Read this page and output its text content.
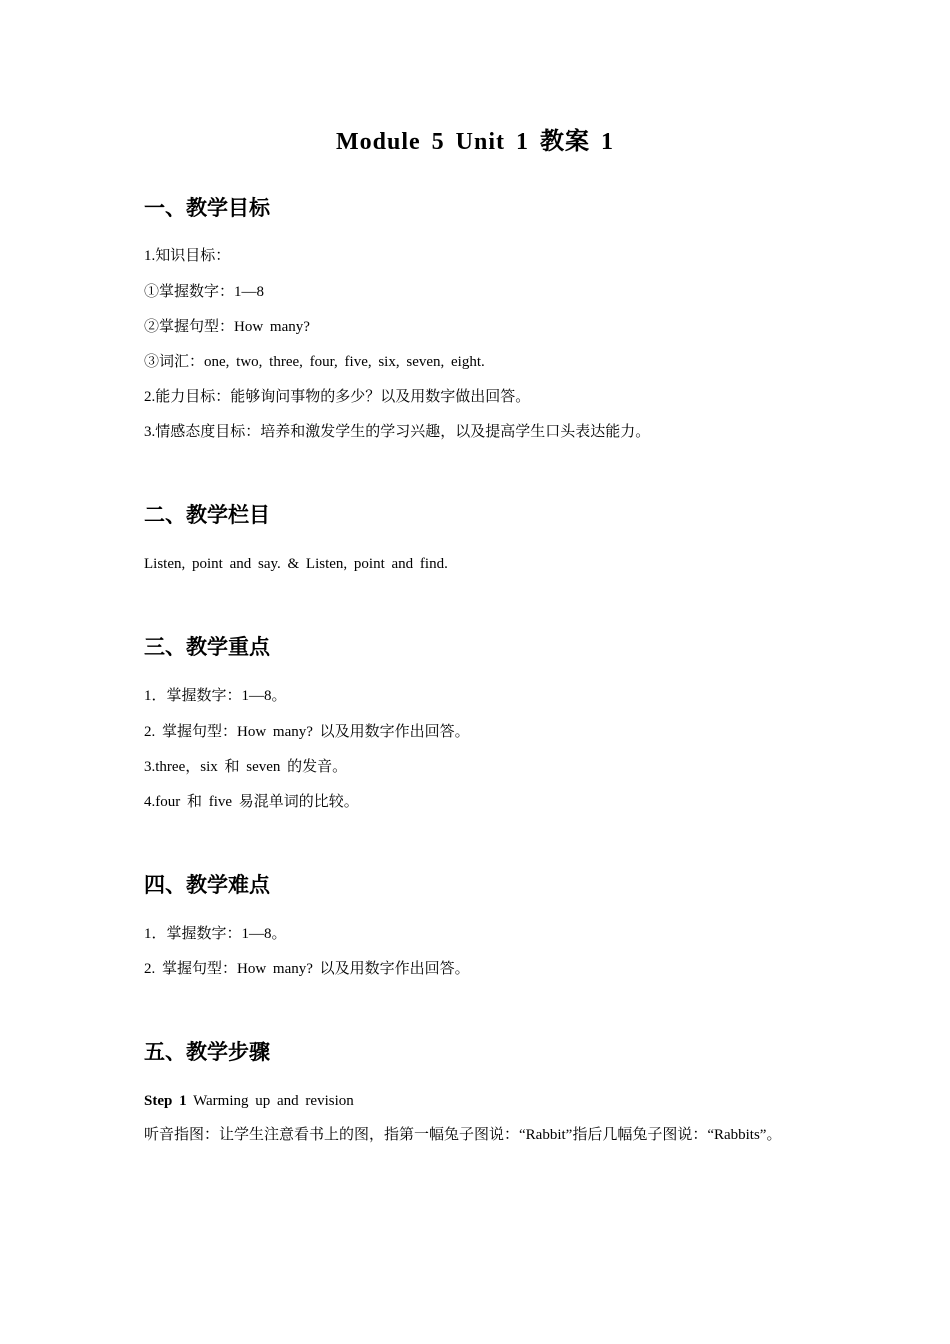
Module 5 Unit 1 教案 1
一、教学目标
1.知识目标：
①掌握数字：1—8
②掌握句型：How many?
③词汇：one, two, three, four, five, six, seven, eight.
2.能力目标：能够询问事物的多少？以及用数字做出回答。
3.情感态度目标：培养和激发学生的学习兴趣，以及提高学生口头表达能力。
二、教学栏目
Listen, point and say. & Listen, point and find.
三、教学重点
1．掌握数字：1—8。
2. 掌握句型：How many? 以及用数字作出回答。
3.three，six 和 seven 的发音。
4.four 和 five 易混单词的比较。
四、教学难点
1．掌握数字：1—8。
2. 掌握句型：How many? 以及用数字作出回答。
五、教学步骤
Step 1 Warming up and revision
听音指图：让学生注意看书上的图，指第一幅兔子图说：“Rabbit”指后几幅兔子图说：“Rabbits”。
